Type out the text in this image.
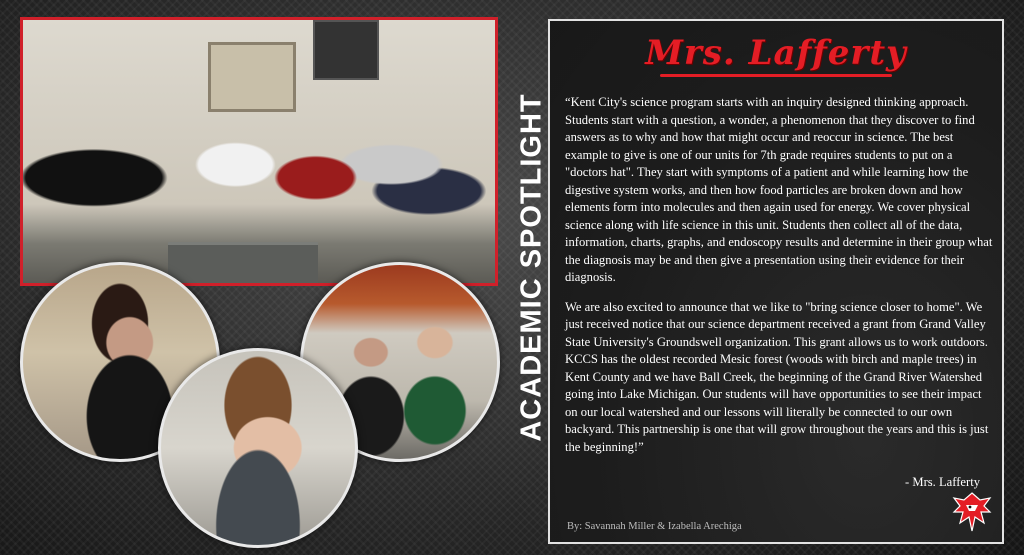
ACADEMIC SPOTLIGHT
Mrs. Lafferty

“Kent City's science program starts with an inquiry designed thinking approach. Students start with a question, a wonder, a phenomenon that they discover to find answers as to why and how that might occur and reoccur in science. The best example to give is one of our units for 7th grade requires students to put on a "doctors hat". They start with symptoms of a patient and while learning how the digestive system works, and then how food particles are broken down and how elements form into molecules and then again used for energy. We cover physical science along with life science in this unit. Students then collect all of the data, information, charts, graphs, and endoscopy results and determine in their group what the diagnosis may be and then give a presentation using their evidence for their diagnosis.

We are also excited to announce that we like to "bring science closer to home". We just received notice that our science department received a grant from Grand Valley State University's Groundswell organization. This grant allows us to work outdoors. KCCS has the oldest recorded Mesic forest (woods with birch and maple trees) in Kent County and we have Ball Creek, the beginning of the Grand River Watershed going into Lake Michigan. Our students will have opportunities to see their impact on our local watershed and our lessons will literally be connected to our own backyard. This partnership is one that will grow throughout the years and this is just the beginning!”

- Mrs. Lafferty
By: Savannah Miller & Izabella Arechiga
